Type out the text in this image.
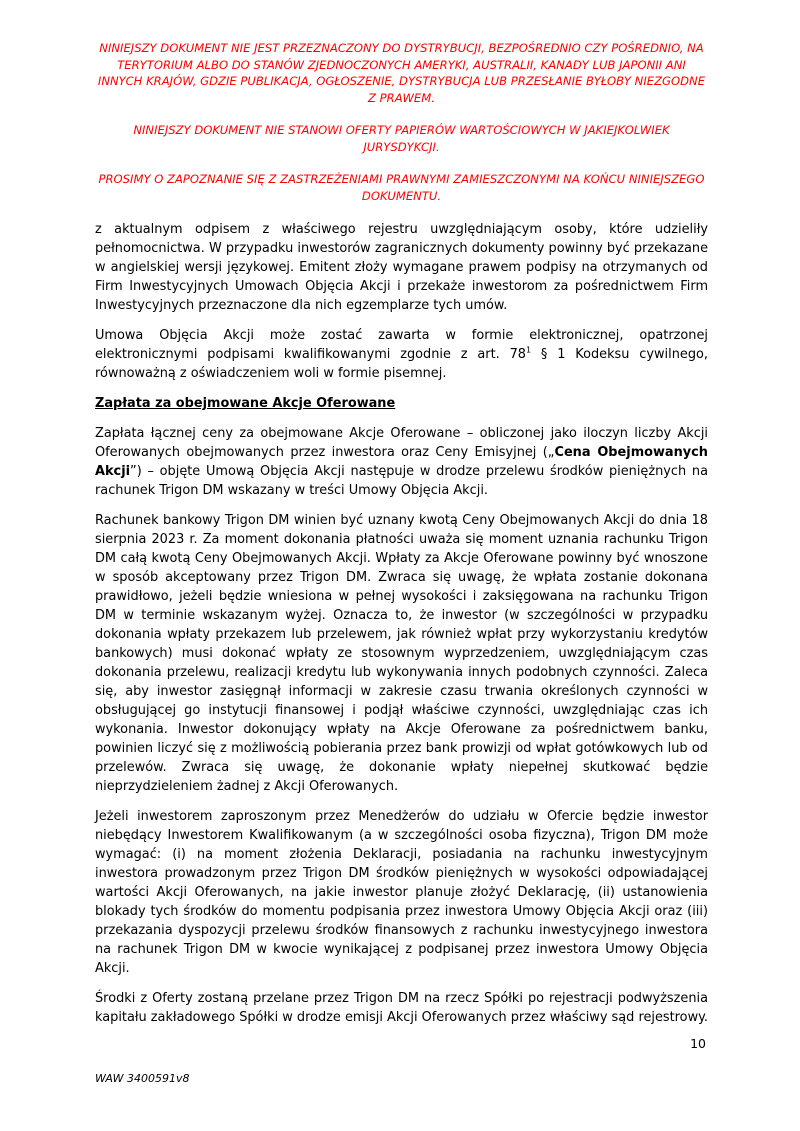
NINIEJSZY DOKUMENT NIE JEST PRZEZNACZONY DO DYSTRYBUCJI, BEZPOŚREDNIO CZY POŚREDNIO, NA TERYTORIUM ALBO DO STANÓW ZJEDNOCZONYCH AMERYKI, AUSTRALII, KANADY LUB JAPONII ANI INNYCH KRAJÓW, GDZIE PUBLIKACJA, OGŁOSZENIE, DYSTRYBUCJA LUB PRZESŁANIE BYŁOBY NIEZGODNE Z PRAWEM.

NINIEJSZY DOKUMENT NIE STANOWI OFERTY PAPIERÓW WARTOŚCIOWYCH W JAKIEJKOLWIEK JURYSDYKCJI.

PROSIMY O ZAPOZNANIE SIĘ Z ZASTRZEŻENIAMI PRAWNYMI ZAMIESZCZONYMI NA KOŃCU NINIEJSZEGO DOKUMENTU.

z aktualnym odpisem z właściwego rejestru uwzględniającym osoby, które udzieliły pełnomocnictwa. W przypadku inwestorów zagranicznych dokumenty powinny być przekazane w angielskiej wersji językowej. Emitent złoży wymagane prawem podpisy na otrzymanych od Firm Inwestycyjnych Umowach Objęcia Akcji i przekaże inwestorom za pośrednictwem Firm Inwestycyjnych przeznaczone dla nich egzemplarze tych umów.

Umowa Objęcia Akcji może zostać zawarta w formie elektronicznej, opatrzonej elektronicznymi podpisami kwalifikowanymi zgodnie z art. $78^1$ § 1 Kodeksu cywilnego, równoważną z oświadczeniem woli w formie pisemnej.

Zapłata za obejmowane Akcje Oferowane

Zapłata łącznej ceny za obejmowane Akcje Oferowane – obliczonej jako iloczyn liczby Akcji Oferowanych obejmowanych przez inwestora oraz Ceny Emisyjnej („Cena Obejmowanych Akcji”) – objęte Umową Objęcia Akcji następuje w drodze przelewu środków pieniężnych na rachunek Trigon DM wskazany w treści Umowy Objęcia Akcji.

Rachunek bankowy Trigon DM winien być uznany kwotą Ceny Obejmowanych Akcji do dnia 18 sierpnia 2023 r. Za moment dokonania płatności uważa się moment uznania rachunku Trigon DM całą kwotą Ceny Obejmowanych Akcji. Wpłaty za Akcje Oferowane powinny być wnoszone w sposób akceptowany przez Trigon DM. Zwraca się uwagę, że wpłata zostanie dokonana prawidłowo, jeżeli będzie wniesiona w pełnej wysokości i zaksięgowana na rachunku Trigon DM w terminie wskazanym wyżej. Oznacza to, że inwestor (w szczególności w przypadku dokonania wpłaty przekazem lub przelewem, jak również wpłat przy wykorzystaniu kredytów bankowych) musi dokonać wpłaty ze stosownym wyprzedzeniem, uwzględniającym czas dokonania przelewu, realizacji kredytu lub wykonywania innych podobnych czynności. Zaleca się, aby inwestor zasięgnął informacji w zakresie czasu trwania określonych czynności w obsługującej go instytucji finansowej i podjął właściwe czynności, uwzględniając czas ich wykonania. Inwestor dokonujący wpłaty na Akcje Oferowane za pośrednictwem banku, powinien liczyć się z możliwością pobierania przez bank prowizji od wpłat gotówkowych lub od przelewów. Zwraca się uwagę, że dokonanie wpłaty niepełnej skutkować będzie nieprzydzieleniem żadnej z Akcji Oferowanych.

Jeżeli inwestorem zaproszonym przez Menedżerów do udziału w Ofercie będzie inwestor niebędący Inwestorem Kwalifikowanym (a w szczególności osoba fizyczna), Trigon DM może wymagać: (i) na moment złożenia Deklaracji, posiadania na rachunku inwestycyjnym inwestora prowadzonym przez Trigon DM środków pieniężnych w wysokości odpowiadającej wartości Akcji Oferowanych, na jakie inwestor planuje złożyć Deklarację, (ii) ustanowienia blokady tych środków do momentu podpisania przez inwestora Umowy Objęcia Akcji oraz (iii) przekazania dyspozycji przelewu środków finansowych z rachunku inwestycyjnego inwestora na rachunek Trigon DM w kwocie wynikającej z podpisanej przez inwestora Umowy Objęcia Akcji.

Środki z Oferty zostaną przelane przez Trigon DM na rzecz Spółki po rejestracji podwyższenia kapitału zakładowego Spółki w drodze emisji Akcji Oferowanych przez właściwy sąd rejestrowy.

10
WAW 3400591v8
